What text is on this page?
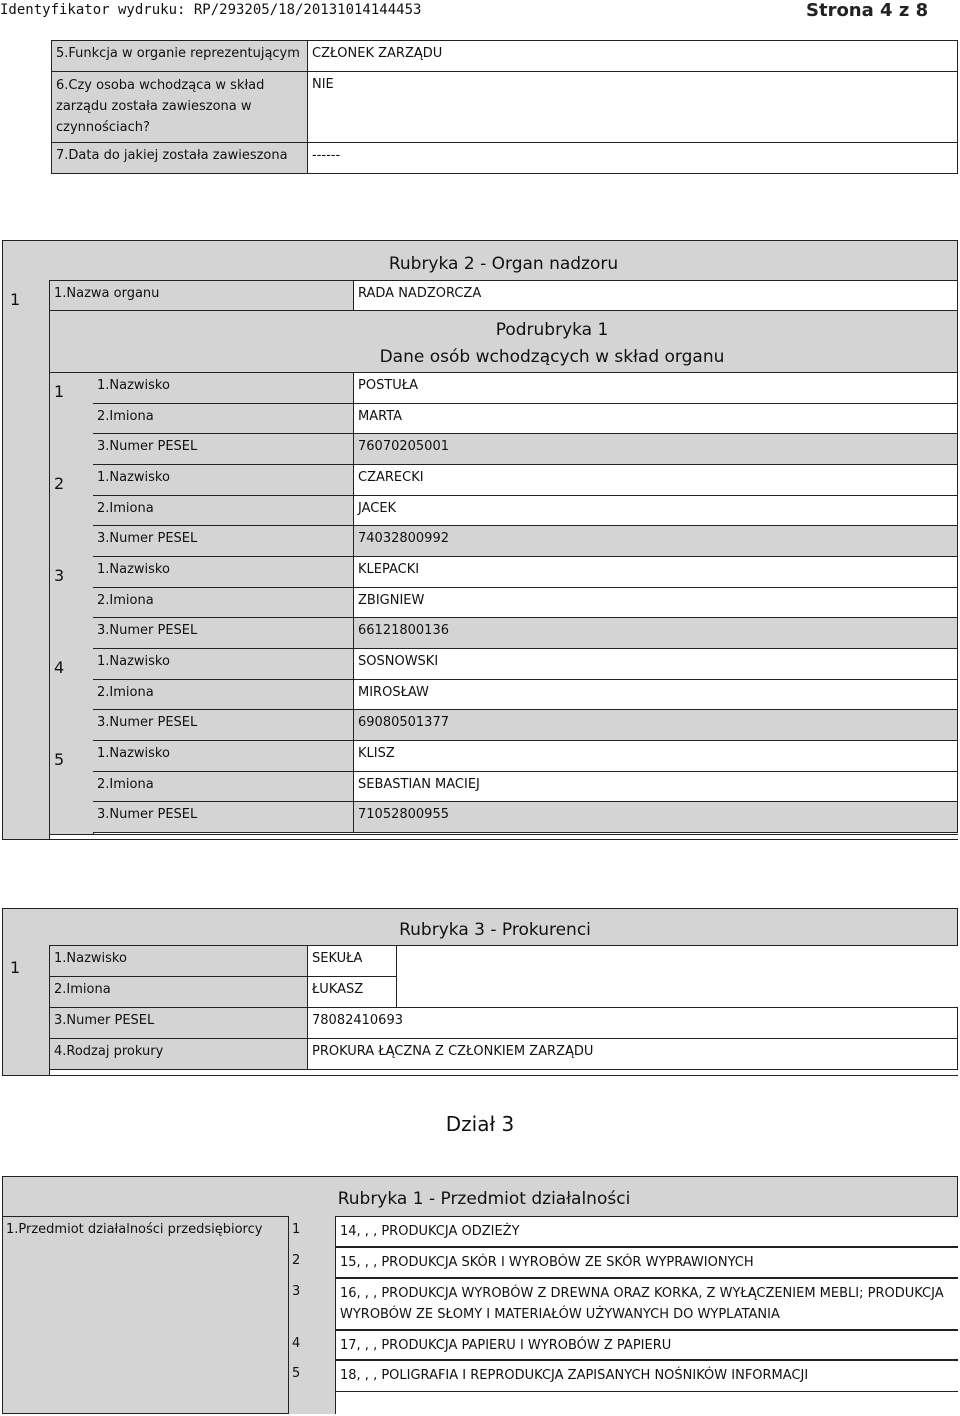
Identyfikator wydruku: RP/293205/18/20131014144453	Strona 4 z 8
5.Funkcja w organie reprezentującym CZŁONEK ZARZĄDU
6.Czy osoba wchodząca w skład
zarządu została zawieszona w
czynnościach?
NIE
7.Data do jakiej została zawieszona	------
Rubryka 2 - Organ nadzoru
1	1.Nazwa organu	RADA NADZORCZA
Podrubryka 1
Dane osób wchodzących w skład organu
1	1.Nazwisko	POSTUŁA
2.Imiona	MARTA
3.Numer PESEL	76070205001
2	1.Nazwisko	CZARECKI
2.Imiona	JACEK
3.Numer PESEL	74032800992
3	1.Nazwisko	KLEPACKI
2.Imiona	ZBIGNIEW
3.Numer PESEL	66121800136
4	1.Nazwisko	SOSNOWSKI
2.Imiona	MIROSŁAW
3.Numer PESEL	69080501377
5	1.Nazwisko	KLISZ
2.Imiona	SEBASTIAN MACIEJ
3.Numer PESEL	71052800955
Rubryka 3 - Prokurenci
1	1.Nazwisko	SEKUŁA
2.Imiona	ŁUKASZ
3.Numer PESEL	78082410693
4.Rodzaj prokury	PROKURA ŁĄCZNA Z CZŁONKIEM ZARZĄDU
Dział 3
Rubryka 1 - Przedmiot działalności
1.Przedmiot działalności przedsiębiorcy 1	14, , , PRODUKCJA ODZIEŻY
2	15, , , PRODUKCJA SKÓR I WYROBÓW ZE SKÓR WYPRAWIONYCH
3	16, , , PRODUKCJA WYROBÓW Z DREWNA ORAZ KORKA, Z WYŁĄCZENIEM MEBLI; PRODUKCJA
WYROBÓW ZE SŁOMY I MATERIAŁÓW UŻYWANYCH DO WYPLATANIA
4	17, , , PRODUKCJA PAPIERU I WYROBÓW Z PAPIERU
5	18, , , POLIGRAFIA I REPRODUKCJA ZAPISANYCH NOŚNIKÓW INFORMACJI
